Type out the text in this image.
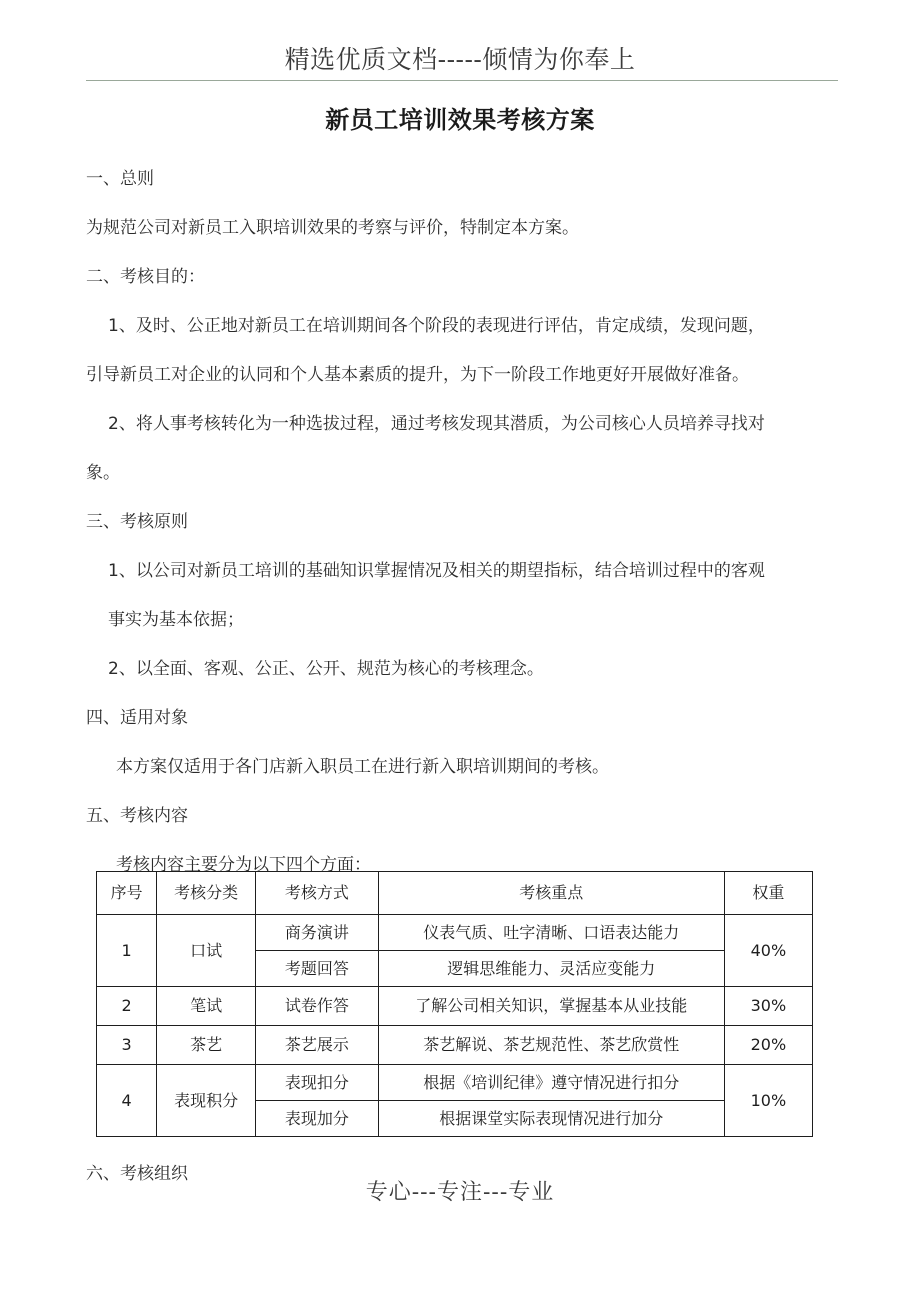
精选优质文档-----倾情为你奉上
新员工培训效果考核方案
一、总则
为规范公司对新员工入职培训效果的考察与评价，特制定本方案。
二、考核目的：
1、及时、公正地对新员工在培训期间各个阶段的表现进行评估，肯定成绩，发现问题，
引导新员工对企业的认同和个人基本素质的提升，为下一阶段工作地更好开展做好准备。
2、将人事考核转化为一种选拔过程，通过考核发现其潜质，为公司核心人员培养寻找对
象。
三、考核原则
1、以公司对新员工培训的基础知识掌握情况及相关的期望指标，结合培训过程中的客观
事实为基本依据；
2、以全面、客观、公正、公开、规范为核心的考核理念。
四、适用对象
本方案仅适用于各门店新入职员工在进行新入职培训期间的考核。
五、考核内容
考核内容主要分为以下四个方面：
序号	考核分类	考核方式	考核重点	权重
1	口试	商务演讲	仪表气质、吐字清晰、口语表达能力	40%
		考题回答	逻辑思维能力、灵活应变能力	
2	笔试	试卷作答	了解公司相关知识，掌握基本从业技能	30%
3	茶艺	茶艺展示	茶艺解说、茶艺规范性、茶艺欣赏性	20%
4	表现积分	表现扣分	根据《培训纪律》遵守情况进行扣分	10%
		表现加分	根据课堂实际表现情况进行加分	
六、考核组织
专心---专注---专业
